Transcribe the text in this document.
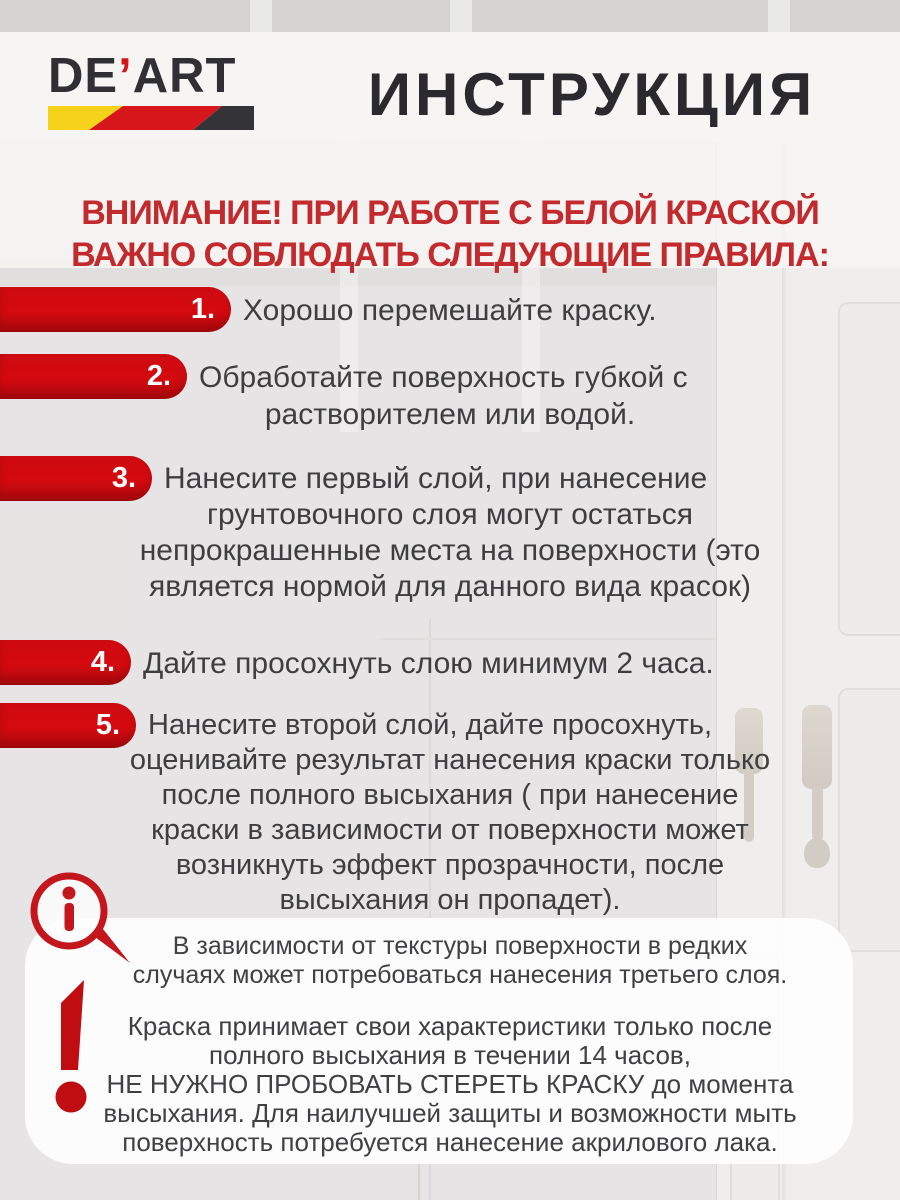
DE’ART	ИНСТРУКЦИЯ
ВНИМАНИЕ! ПРИ РАБОТЕ С БЕЛОЙ КРАСКОЙ
ВАЖНО СОБЛЮДАТЬ СЛЕДУЮЩИЕ ПРАВИЛА:
1. Хорошо перемешайте краску.
2. Обработайте поверхность губкой с
растворителем или водой.
3. Нанесите первый слой, при нанесение
грунтовочного слоя могут остаться
непрокрашенные места на поверхности (это
является нормой для данного вида красок)
4. Дайте просохнуть слою минимум 2 часа.
5. Нанесите второй слой, дайте просохнуть,
оценивайте результат нанесения краски только
после полного высыхания ( при нанесение
краски в зависимости от поверхности может
возникнуть эффект прозрачности, после
высыхания он пропадет).
В зависимости от текстуры поверхности в редких
случаях может потребоваться нанесения третьего слоя.
Краска принимает свои характеристики только после
полного высыхания в течении 14 часов,
НЕ НУЖНО ПРОБОВАТЬ СТЕРЕТЬ КРАСКУ до момента
высыхания. Для наилучшей защиты и возможности мыть
поверхность потребуется нанесение акрилового лака.
